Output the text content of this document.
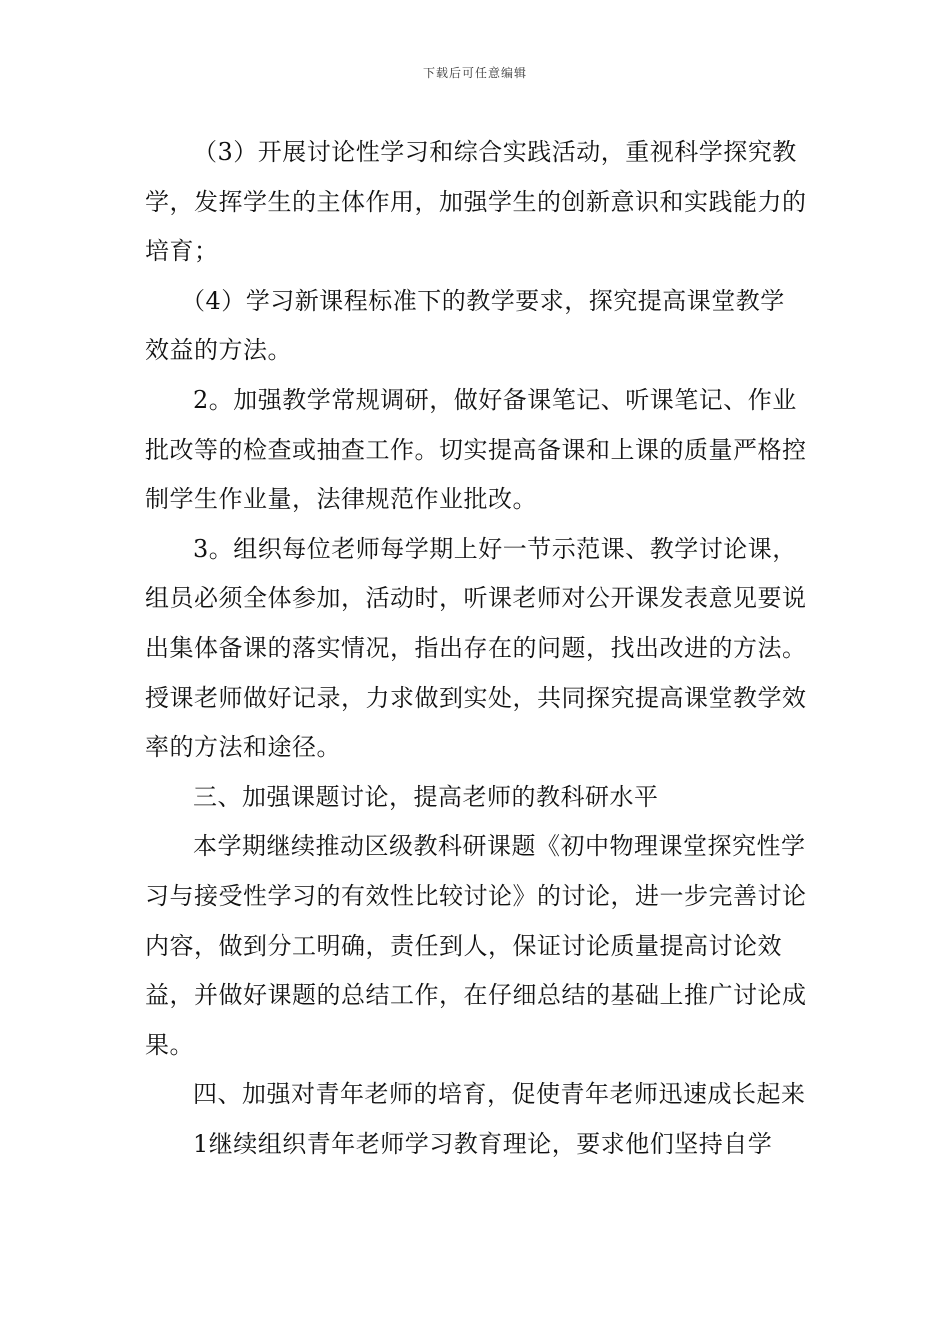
下载后可任意编辑

（3）开展讨论性学习和综合实践活动，重视科学探究教学，发挥学生的主体作用，加强学生的创新意识和实践能力的培育；

（4）学习新课程标准下的教学要求，探究提高课堂教学效益的方法。

2。加强教学常规调研，做好备课笔记、听课笔记、作业批改等的检查或抽查工作。切实提高备课和上课的质量严格控制学生作业量，法律规范作业批改。

3。组织每位老师每学期上好一节示范课、教学讨论课，组员必须全体参加，活动时，听课老师对公开课发表意见要说出集体备课的落实情况，指出存在的问题，找出改进的方法。授课老师做好记录，力求做到实处，共同探究提高课堂教学效率的方法和途径。

三、加强课题讨论，提高老师的教科研水平

本学期继续推动区级教科研课题《初中物理课堂探究性学习与接受性学习的有效性比较讨论》的讨论，进一步完善讨论内容，做到分工明确，责任到人，保证讨论质量提高讨论效益，并做好课题的总结工作，在仔细总结的基础上推广讨论成果。

四、加强对青年老师的培育，促使青年老师迅速成长起来

1继续组织青年老师学习教育理论，要求他们坚持自学
